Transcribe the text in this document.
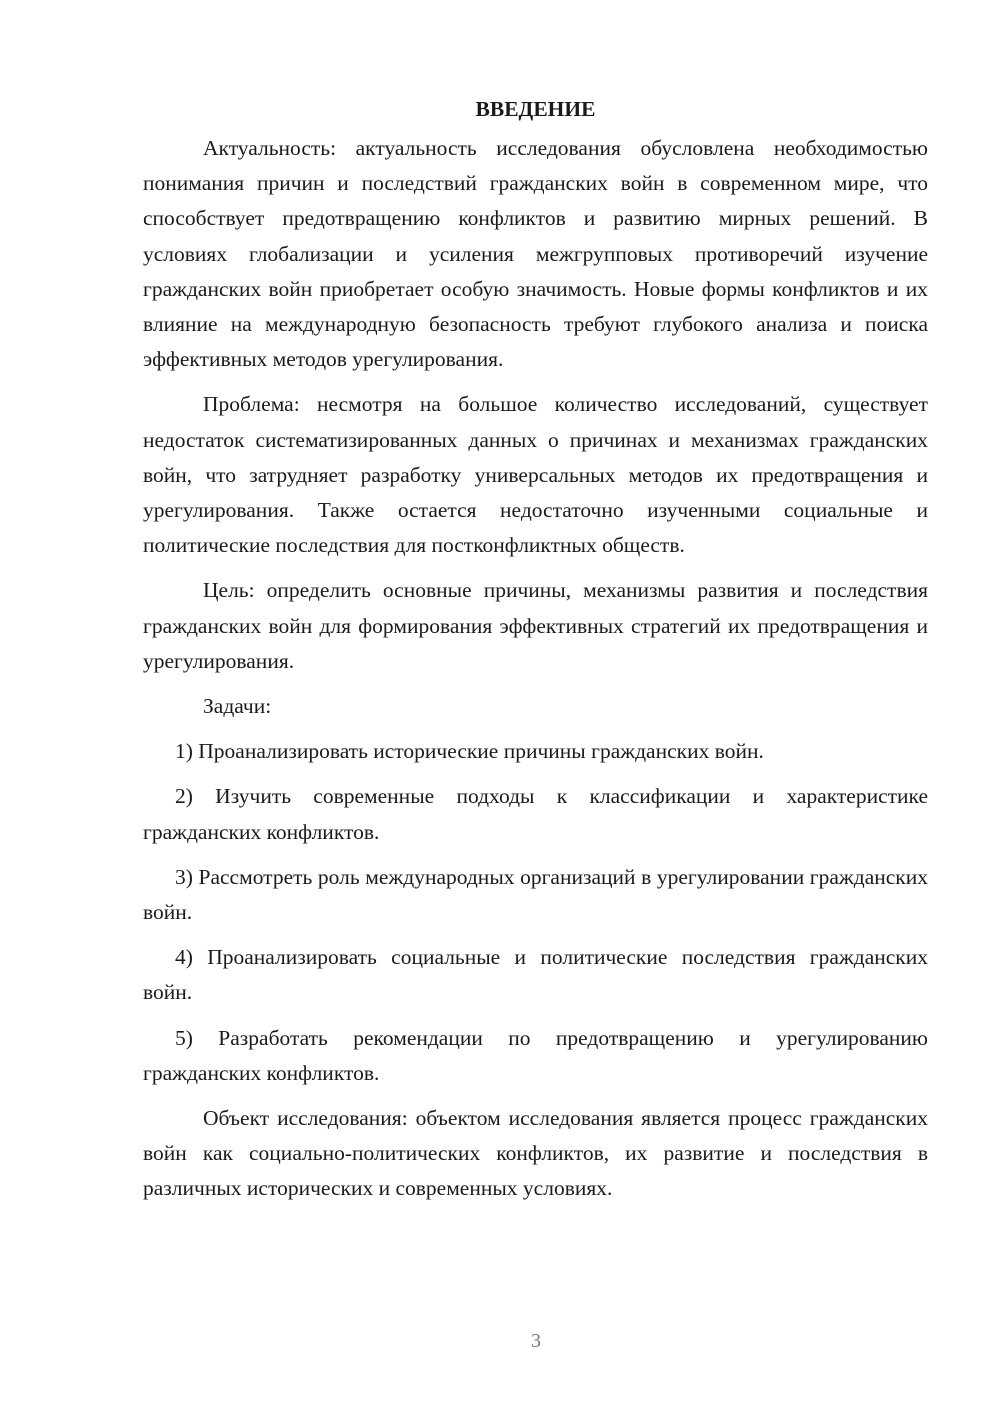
ВВЕДЕНИЕ

Актуальность: актуальность исследования обусловлена необходимостью понимания причин и последствий гражданских войн в современном мире, что способствует предотвращению конфликтов и развитию мирных решений. В условиях глобализации и усиления межгрупповых противоречий изучение гражданских войн приобретает особую значимость. Новые формы конфликтов и их влияние на международную безопасность требуют глубокого анализа и поиска эффективных методов урегулирования.

Проблема: несмотря на большое количество исследований, существует недостаток систематизированных данных о причинах и механизмах гражданских войн, что затрудняет разработку универсальных методов их предотвращения и урегулирования. Также остается недостаточно изученными социальные и политические последствия для постконфликтных обществ.

Цель: определить основные причины, механизмы развития и последствия гражданских войн для формирования эффективных стратегий их предотвращения и урегулирования.

Задачи:

1) Проанализировать исторические причины гражданских войн.

2) Изучить современные подходы к классификации и характеристике гражданских конфликтов.

3) Рассмотреть роль международных организаций в урегулировании гражданских войн.

4) Проанализировать социальные и политические последствия гражданских войн.

5) Разработать рекомендации по предотвращению и урегулированию гражданских конфликтов.

Объект исследования: объектом исследования является процесс гражданских войн как социально-политических конфликтов, их развитие и последствия в различных исторических и современных условиях.

3
